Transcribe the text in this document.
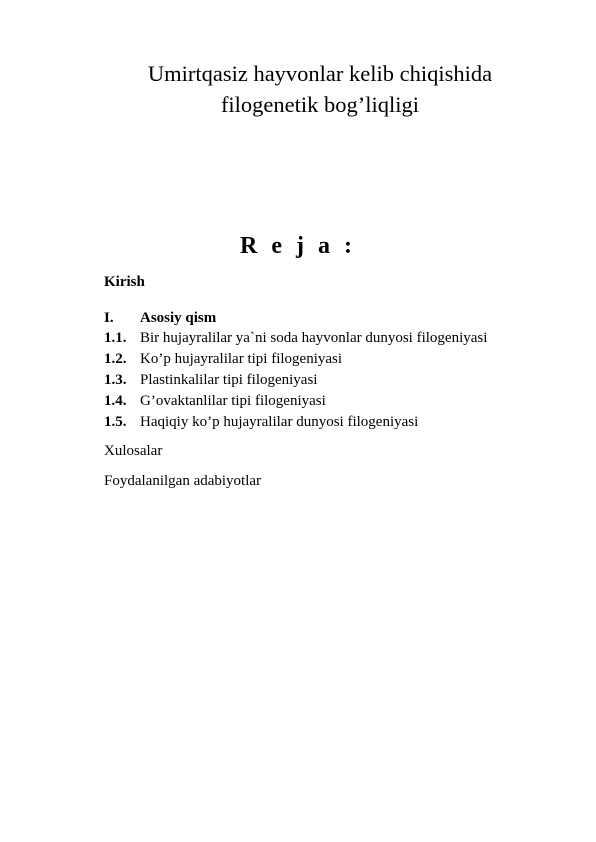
Umirtqasiz hayvonlar kelib chiqishida
filogenetik bog’liqligi
R e j a :
Kirish
I. Asosiy qism
1.1. Bir hujayralilar ya`ni soda hayvonlar dunyosi filogeniyasi
1.2. Ko’p hujayralilar tipi filogeniyasi
1.3. Plastinkalilar tipi filogeniyasi
1.4. G’ovaktanlilar tipi filogeniyasi
1.5. Haqiqiy ko’p hujayralilar dunyosi filogeniyasi
Xulosalar
Foydalanilgan adabiyotlar
